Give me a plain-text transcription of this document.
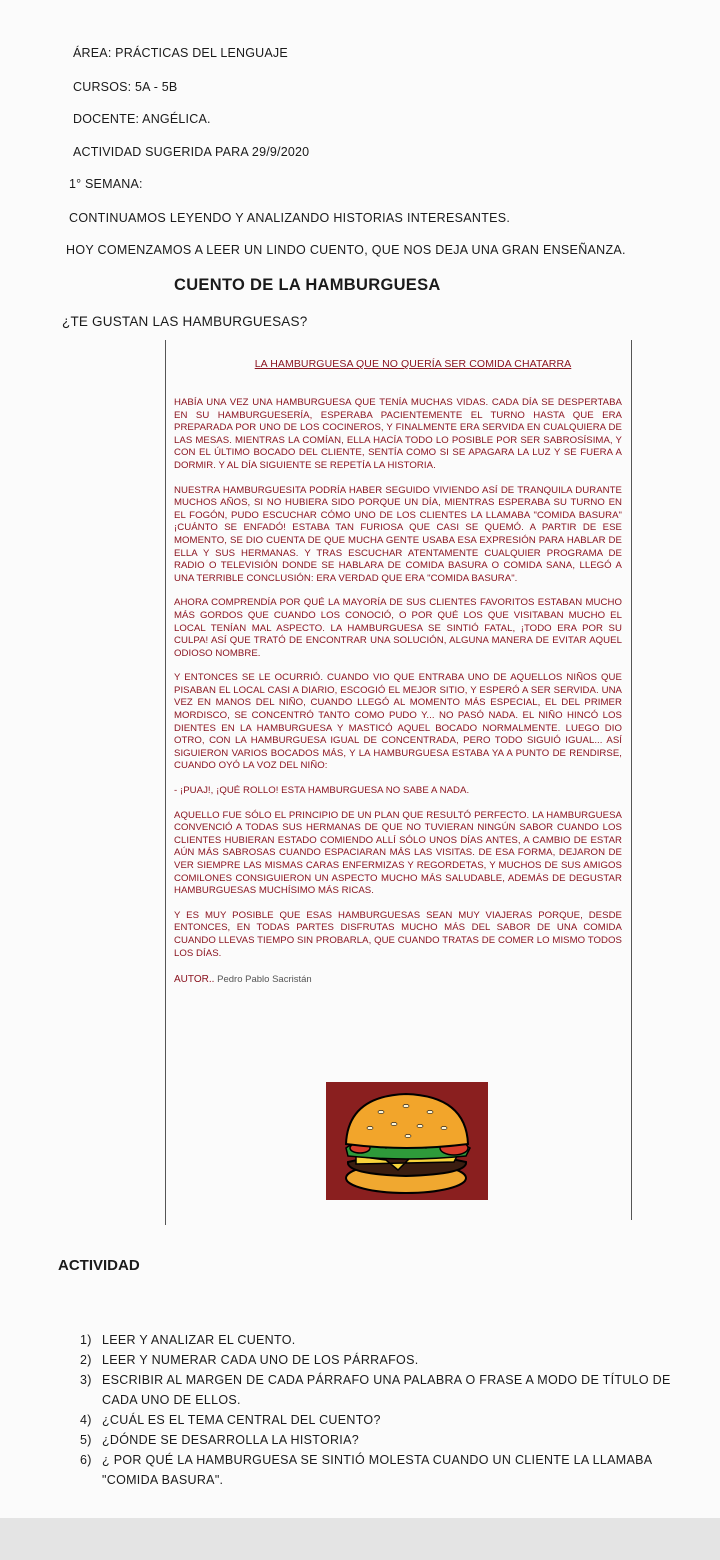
ÁREA: PRÁCTICAS DEL LENGUAJE
CURSOS: 5A - 5B
DOCENTE: ANGÉLICA.
ACTIVIDAD SUGERIDA PARA 29/9/2020
1° SEMANA:
CONTINUAMOS LEYENDO Y ANALIZANDO HISTORIAS INTERESANTES.
HOY COMENZAMOS A LEER UN LINDO CUENTO, QUE NOS DEJA UNA GRAN ENSEÑANZA.
CUENTO DE LA HAMBURGUESA
¿TE GUSTAN LAS HAMBURGUESAS?
LA HAMBURGUESA QUE NO QUERÍA SER COMIDA CHATARRA
HABÍA UNA VEZ UNA HAMBURGUESA QUE TENÍA MUCHAS VIDAS. CADA DÍA SE DESPERTABA EN SU HAMBURGUESERÍA, ESPERABA PACIENTEMENTE EL TURNO HASTA QUE ERA PREPARADA POR UNO DE LOS COCINEROS, Y FINALMENTE ERA SERVIDA EN CUALQUIERA DE LAS MESAS. MIENTRAS LA COMÍAN, ELLA HACÍA TODO LO POSIBLE POR SER SABROSÍSIMA, Y CON EL ÚLTIMO BOCADO DEL CLIENTE, SENTÍA COMO SI SE APAGARA LA LUZ Y SE FUERA A DORMIR. Y AL DÍA SIGUIENTE SE REPETÍA LA HISTORIA.
NUESTRA HAMBURGUESITA PODRÍA HABER SEGUIDO VIVIENDO ASÍ DE TRANQUILA DURANTE MUCHOS AÑOS, SI NO HUBIERA SIDO PORQUE UN DÍA, MIENTRAS ESPERABA SU TURNO EN EL FOGÓN, PUDO ESCUCHAR CÓMO UNO DE LOS CLIENTES LA LLAMABA "COMIDA BASURA" ¡CUÁNTO SE ENFADÓ! ESTABA TAN FURIOSA QUE CASI SE QUEMÓ. A PARTIR DE ESE MOMENTO, SE DIO CUENTA DE QUE MUCHA GENTE USABA ESA EXPRESIÓN PARA HABLAR DE ELLA Y SUS HERMANAS. Y TRAS ESCUCHAR ATENTAMENTE CUALQUIER PROGRAMA DE RADIO O TELEVISIÓN DONDE SE HABLARA DE COMIDA BASURA O COMIDA SANA, LLEGÓ A UNA TERRIBLE CONCLUSIÓN: ERA VERDAD QUE ERA "COMIDA BASURA".
AHORA COMPRENDÍA POR QUÉ LA MAYORÍA DE SUS CLIENTES FAVORITOS ESTABAN MUCHO MÁS GORDOS QUE CUANDO LOS CONOCIÓ, O POR QUÉ LOS QUE VISITABAN MUCHO EL LOCAL TENÍAN MAL ASPECTO. LA HAMBURGUESA SE SINTIÓ FATAL, ¡TODO ERA POR SU CULPA! ASÍ QUE TRATÓ DE ENCONTRAR UNA SOLUCIÓN, ALGUNA MANERA DE EVITAR AQUEL ODIOSO NOMBRE.
Y ENTONCES SE LE OCURRIÓ. CUANDO VIO QUE ENTRABA UNO DE AQUELLOS NIÑOS QUE PISABAN EL LOCAL CASI A DIARIO, ESCOGIÓ EL MEJOR SITIO, Y ESPERÓ A SER SERVIDA. UNA VEZ EN MANOS DEL NIÑO, CUANDO LLEGÓ AL MOMENTO MÁS ESPECIAL, EL DEL PRIMER MORDISCO, SE CONCENTRÓ TANTO COMO PUDO Y... NO PASÓ NADA. EL NIÑO HINCÓ LOS DIENTES EN LA HAMBURGUESA Y MASTICÓ AQUEL BOCADO NORMALMENTE. LUEGO DIO OTRO, CON LA HAMBURGUESA IGUAL DE CONCENTRADA, PERO TODO SIGUIÓ IGUAL... ASÍ SIGUIERON VARIOS BOCADOS MÁS, Y LA HAMBURGUESA ESTABA YA A PUNTO DE RENDIRSE, CUANDO OYÓ LA VOZ DEL NIÑO:
- ¡PUAJ!, ¡QUÉ ROLLO! ESTA HAMBURGUESA NO SABE A NADA.
AQUELLO FUE SÓLO EL PRINCIPIO DE UN PLAN QUE RESULTÓ PERFECTO. LA HAMBURGUESA CONVENCIÓ A TODAS SUS HERMANAS DE QUE NO TUVIERAN NINGÚN SABOR CUANDO LOS CLIENTES HUBIERAN ESTADO COMIENDO ALLÍ SÓLO UNOS DÍAS ANTES, A CAMBIO DE ESTAR AÚN MÁS SABROSAS CUANDO ESPACIARAN MÁS LAS VISITAS. DE ESA FORMA, DEJARON DE VER SIEMPRE LAS MISMAS CARAS ENFERMIZAS Y REGORDETAS, Y MUCHOS DE SUS AMIGOS COMILONES CONSIGUIERON UN ASPECTO MUCHO MÁS SALUDABLE, ADEMÁS DE DEGUSTAR HAMBURGUESAS MUCHÍSIMO MÁS RICAS.
Y ES MUY POSIBLE QUE ESAS HAMBURGUESAS SEAN MUY VIAJERAS PORQUE, DESDE ENTONCES, EN TODAS PARTES DISFRUTAS MUCHO MÁS DEL SABOR DE UNA COMIDA CUANDO LLEVAS TIEMPO SIN PROBARLA, QUE CUANDO TRATAS DE COMER LO MISMO TODOS LOS DÍAS.
AUTOR.. Pedro Pablo Sacristán
ACTIVIDAD
1) LEER Y ANALIZAR EL CUENTO.
2) LEER Y NUMERAR CADA UNO DE LOS PÁRRAFOS.
3) ESCRIBIR AL MARGEN DE CADA PÁRRAFO UNA PALABRA O FRASE A MODO DE TÍTULO DE CADA UNO DE ELLOS.
4) ¿CUÁL ES EL TEMA CENTRAL DEL CUENTO?
5) ¿DÓNDE SE DESARROLLA LA HISTORIA?
6) ¿ POR QUÉ LA HAMBURGUESA SE SINTIÓ MOLESTA CUANDO UN CLIENTE LA LLAMABA "COMIDA BASURA".
